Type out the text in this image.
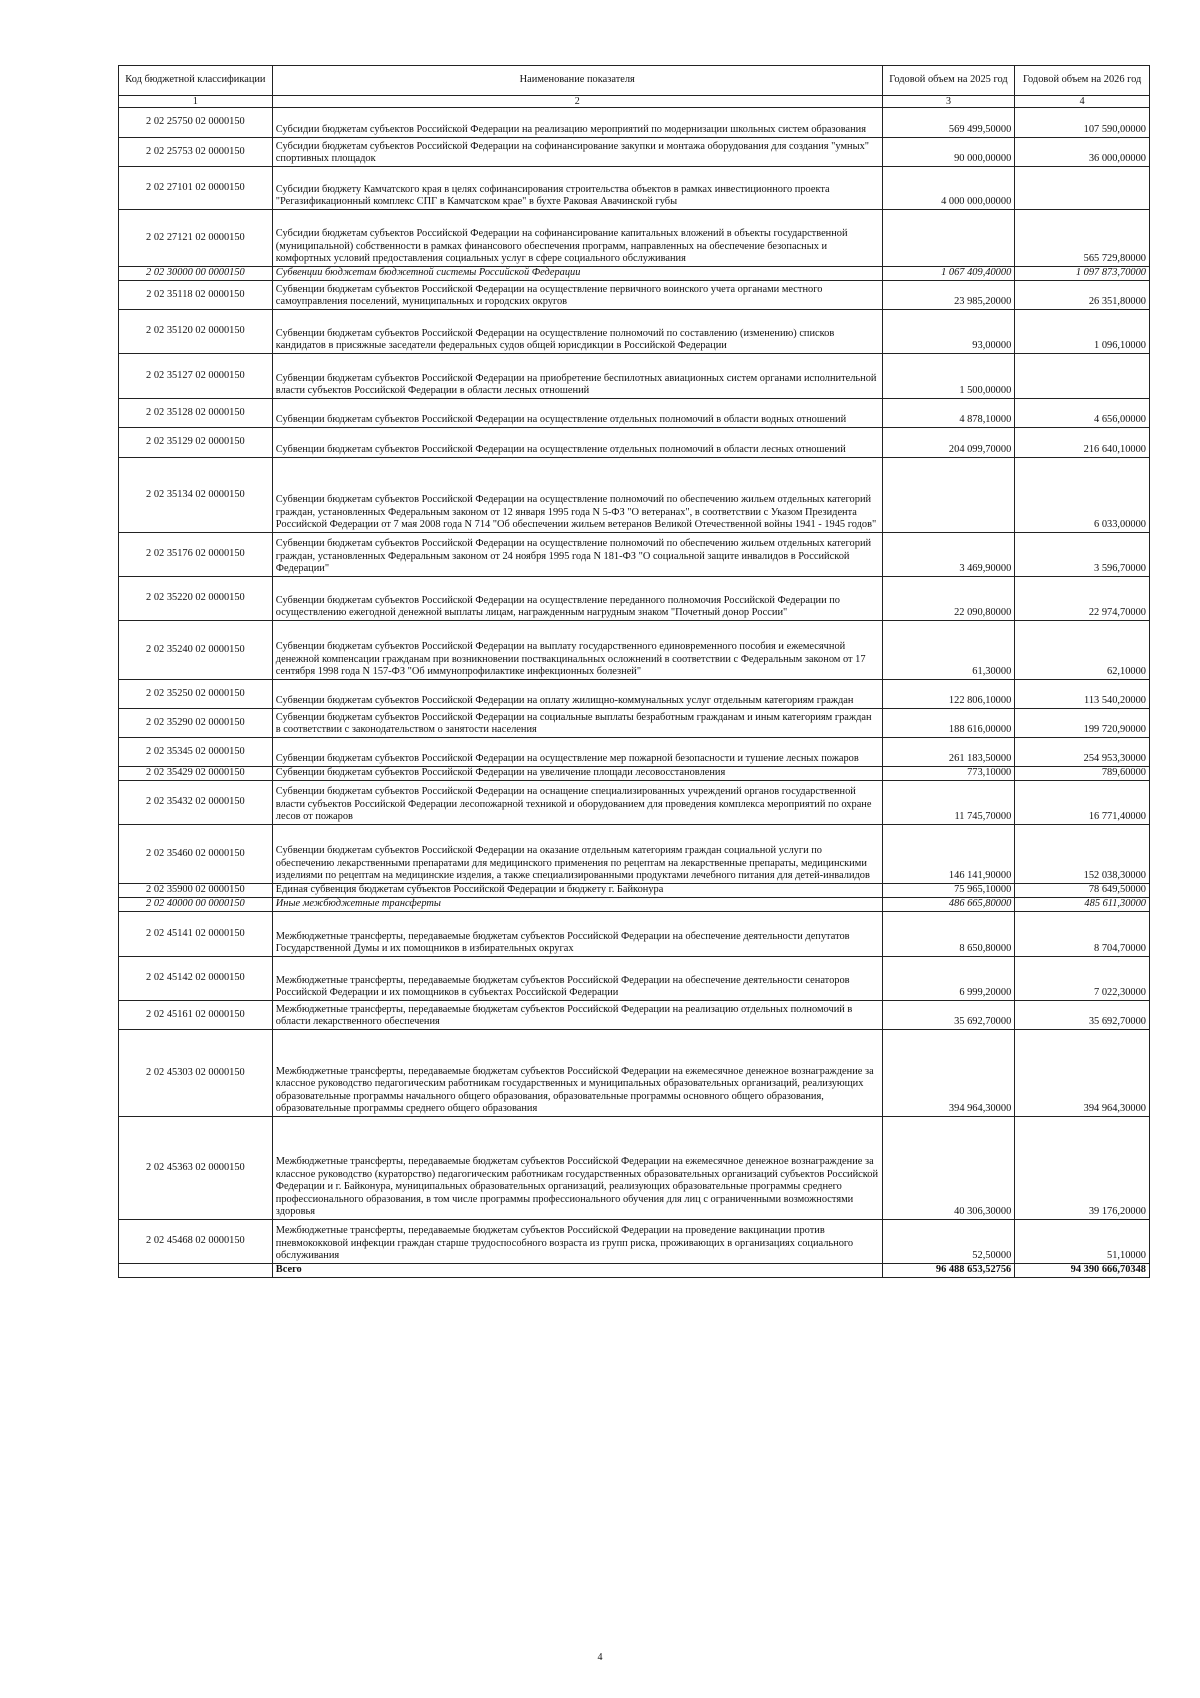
Код бюджетной классификации	Наименование показателя	Годовой объем на 2025 год	Годовой объем на 2026 год
1	2	3	4
2 02 25750 02 0000150	Субсидии бюджетам субъектов Российской Федерации на реализацию мероприятий по модернизации школьных систем образования	569 499,50000	107 590,00000
2 02 25753 02 0000150	Субсидии бюджетам субъектов Российской Федерации на софинансирование закупки и монтажа оборудования для создания "умных" спортивных площадок	90 000,00000	36 000,00000
2 02 27101 02 0000150	Субсидии бюджету Камчатского края в целях софинансирования строительства объектов в рамках инвестиционного проекта "Регазификационный комплекс СПГ в Камчатском крае" в бухте Раковая Авачинской губы	4 000 000,00000	
2 02 27121 02 0000150	Субсидии бюджетам субъектов Российской Федерации на софинансирование капитальных вложений в объекты государственной (муниципальной) собственности в рамках финансового обеспечения программ, направленных на обеспечение безопасных и комфортных условий предоставления социальных услуг в сфере социального обслуживания		565 729,80000
2 02 30000 00 0000150	Субвенции бюджетам бюджетной системы Российской Федерации	1 067 409,40000	1 097 873,70000
2 02 35118 02 0000150	Субвенции бюджетам субъектов Российской Федерации на осуществление первичного воинского учета органами местного самоуправления поселений, муниципальных и городских округов	23 985,20000	26 351,80000
2 02 35120 02 0000150	Субвенции бюджетам субъектов Российской Федерации на осуществление полномочий по составлению (изменению) списков кандидатов в присяжные заседатели федеральных судов общей юрисдикции в Российской Федерации	93,00000	1 096,10000
2 02 35127 02 0000150	Субвенции бюджетам субъектов Российской Федерации на приобретение беспилотных авиационных систем органами исполнительной власти субъектов Российской Федерации в области лесных отношений	1 500,00000	
2 02 35128 02 0000150	Субвенции бюджетам субъектов Российской Федерации на осуществление отдельных полномочий в области водных отношений	4 878,10000	4 656,00000
2 02 35129 02 0000150	Субвенции бюджетам субъектов Российской Федерации на осуществление отдельных полномочий в области лесных отношений	204 099,70000	216 640,10000
2 02 35134 02 0000150	Субвенции бюджетам субъектов Российской Федерации на осуществление полномочий по обеспечению жильем отдельных категорий граждан, установленных Федеральным законом от 12 января 1995 года N 5-ФЗ "О ветеранах", в соответствии с Указом Президента Российской Федерации от 7 мая 2008 года N 714 "Об обеспечении жильем ветеранов Великой Отечественной войны 1941 - 1945 годов"		6 033,00000
2 02 35176 02 0000150	Субвенции бюджетам субъектов Российской Федерации на осуществление полномочий по обеспечению жильем отдельных категорий граждан, установленных Федеральным законом от 24 ноября 1995 года N 181-ФЗ "О социальной защите инвалидов в Российской Федерации"	3 469,90000	3 596,70000
2 02 35220 02 0000150	Субвенции бюджетам субъектов Российской Федерации на осуществление переданного полномочия Российской Федерации по осуществлению ежегодной денежной выплаты лицам, награжденным нагрудным знаком "Почетный донор России"	22 090,80000	22 974,70000
2 02 35240 02 0000150	Субвенции бюджетам субъектов Российской Федерации на выплату государственного единовременного пособия и ежемесячной денежной компенсации гражданам при возникновении поствакцинальных осложнений в соответствии с Федеральным законом от 17 сентября 1998 года N 157-ФЗ "Об иммунопрофилактике инфекционных болезней"	61,30000	62,10000
2 02 35250 02 0000150	Субвенции бюджетам субъектов Российской Федерации на оплату жилищно-коммунальных услуг отдельным категориям граждан	122 806,10000	113 540,20000
2 02 35290 02 0000150	Субвенции бюджетам субъектов Российской Федерации на социальные выплаты безработным гражданам и иным категориям граждан в соответствии с законодательством о занятости населения	188 616,00000	199 720,90000
2 02 35345 02 0000150	Субвенции бюджетам субъектов Российской Федерации на осуществление мер пожарной безопасности и тушение лесных пожаров	261 183,50000	254 953,30000
2 02 35429 02 0000150	Субвенции бюджетам субъектов Российской Федерации на увеличение площади лесовосстановления	773,10000	789,60000
2 02 35432 02 0000150	Субвенции бюджетам субъектов Российской Федерации на оснащение специализированных учреждений органов государственной власти субъектов Российской Федерации лесопожарной техникой и оборудованием для проведения комплекса мероприятий по охране лесов от пожаров	11 745,70000	16 771,40000
2 02 35460 02 0000150	Субвенции бюджетам субъектов Российской Федерации на оказание отдельным категориям граждан социальной услуги по обеспечению лекарственными препаратами для медицинского применения по рецептам на лекарственные препараты, медицинскими изделиями по рецептам на медицинские изделия, а также специализированными продуктами лечебного питания для детей-инвалидов	146 141,90000	152 038,30000
2 02 35900 02 0000150	Единая субвенция бюджетам субъектов Российской Федерации и бюджету г. Байконура	75 965,10000	78 649,50000
2 02 40000 00 0000150	Иные межбюджетные трансферты	486 665,80000	485 611,30000
2 02 45141 02 0000150	Межбюджетные трансферты, передаваемые бюджетам субъектов Российской Федерации на обеспечение деятельности депутатов Государственной Думы и их помощников в избирательных округах	8 650,80000	8 704,70000
2 02 45142 02 0000150	Межбюджетные трансферты, передаваемые бюджетам субъектов Российской Федерации на обеспечение деятельности сенаторов Российской Федерации и их помощников в субъектах Российской Федерации	6 999,20000	7 022,30000
2 02 45161 02 0000150	Межбюджетные трансферты, передаваемые бюджетам субъектов Российской Федерации на реализацию отдельных полномочий в области лекарственного обеспечения	35 692,70000	35 692,70000
2 02 45303 02 0000150	Межбюджетные трансферты, передаваемые бюджетам субъектов Российской Федерации на ежемесячное денежное вознаграждение за классное руководство педагогическим работникам государственных и муниципальных образовательных организаций, реализующих образовательные программы начального общего образования, образовательные программы основного общего образования, образовательные программы среднего общего образования	394 964,30000	394 964,30000
2 02 45363 02 0000150	Межбюджетные трансферты, передаваемые бюджетам субъектов Российской Федерации на ежемесячное денежное вознаграждение за классное руководство (кураторство) педагогическим работникам государственных образовательных организаций субъектов Российской Федерации и г. Байконура, муниципальных образовательных организаций, реализующих образовательные программы среднего профессионального образования, в том числе программы профессионального обучения для лиц с ограниченными возможностями здоровья	40 306,30000	39 176,20000
2 02 45468 02 0000150	Межбюджетные трансферты, передаваемые бюджетам субъектов Российской Федерации на проведение вакцинации против пневмококковой инфекции граждан старше трудоспособного возраста из групп риска, проживающих в организациях социального обслуживания	52,50000	51,10000
	Всего	96 488 653,52756	94 390 666,70348
4
